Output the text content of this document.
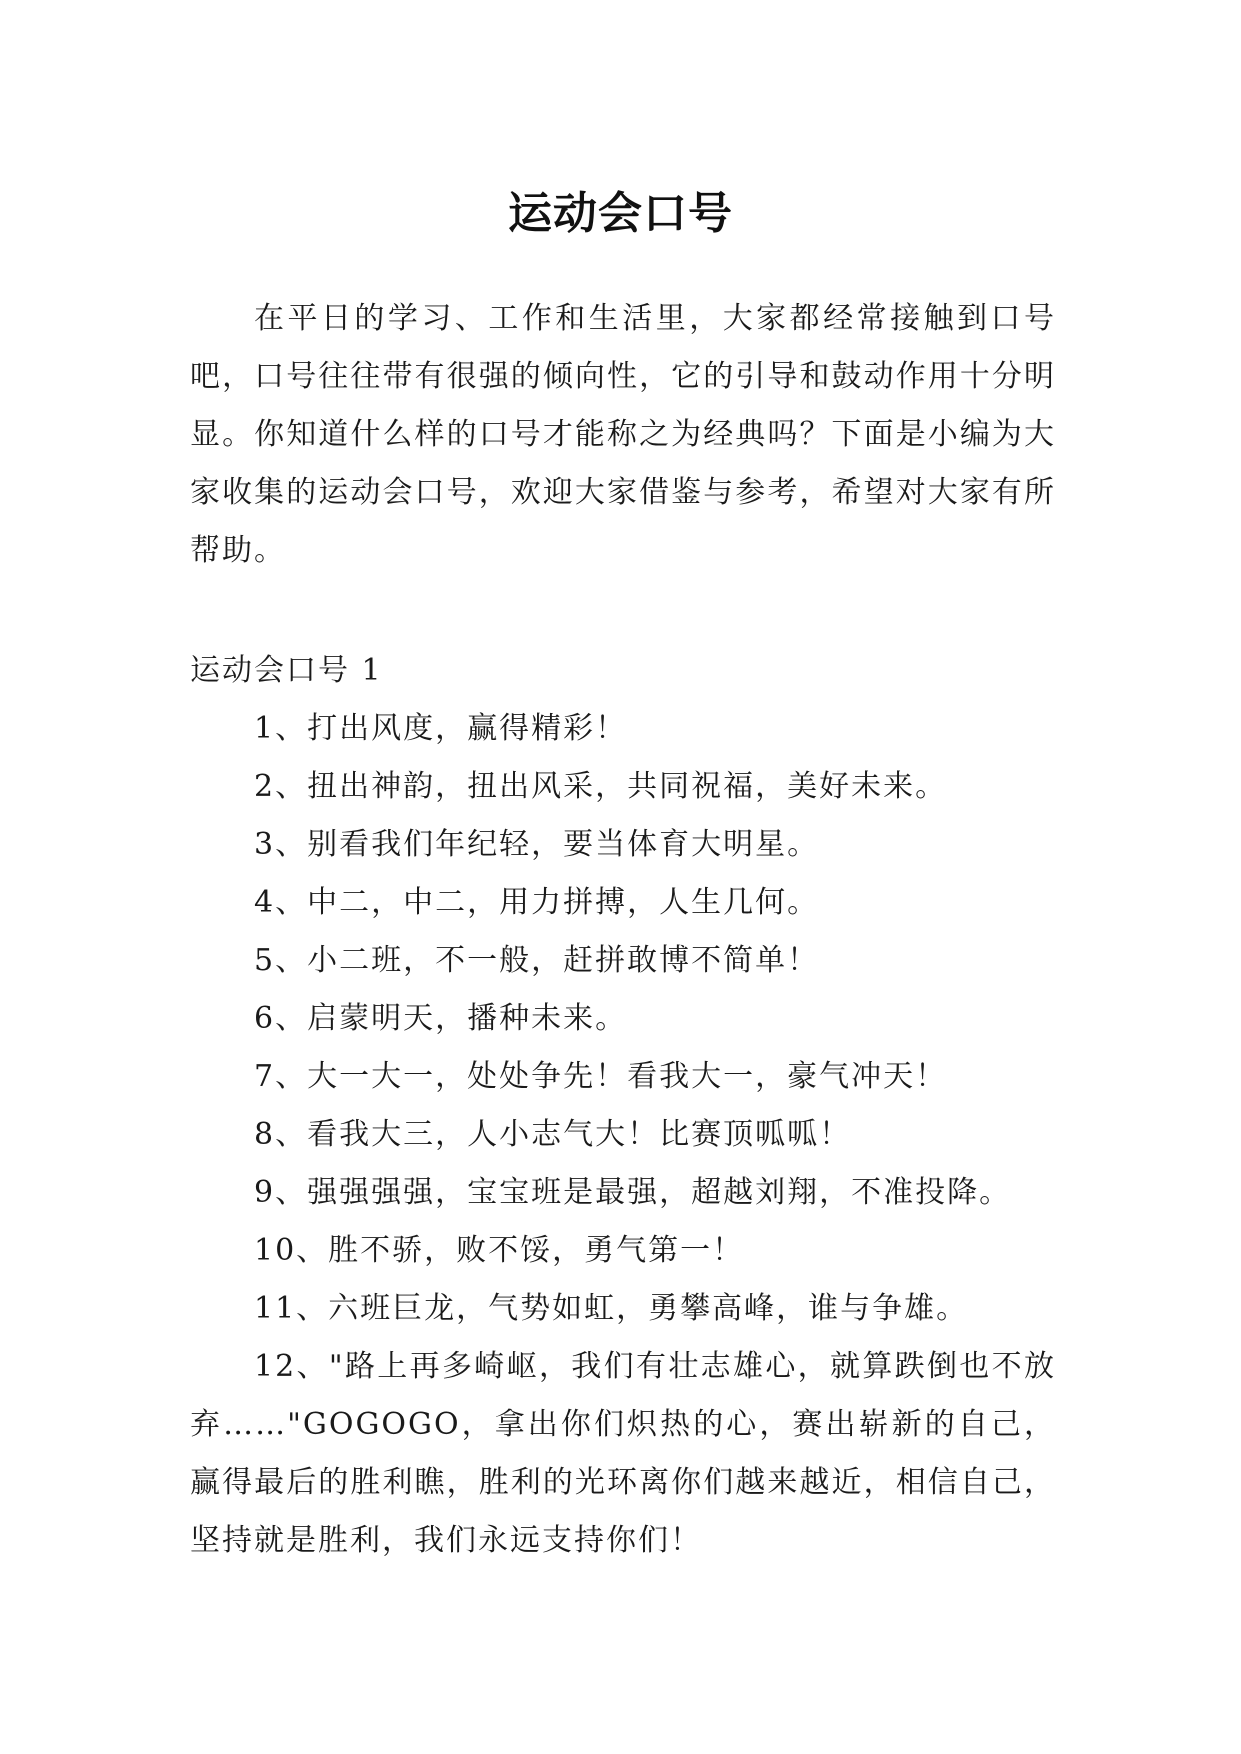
运动会口号

在平日的学习、工作和生活里，大家都经常接触到口号吧，口号往往带有很强的倾向性，它的引导和鼓动作用十分明显。你知道什么样的口号才能称之为经典吗？下面是小编为大家收集的运动会口号，欢迎大家借鉴与参考，希望对大家有所帮助。

运动会口号 1

1、打出风度，赢得精彩！
2、扭出神韵，扭出风采，共同祝福，美好未来。
3、别看我们年纪轻，要当体育大明星。
4、中二，中二，用力拼搏，人生几何。
5、小二班，不一般，赶拼敢博不简单！
6、启蒙明天，播种未来。
7、大一大一，处处争先！看我大一，豪气冲天！
8、看我大三，人小志气大！比赛顶呱呱！
9、强强强强，宝宝班是最强，超越刘翔，不准投降。
10、胜不骄，败不馁，勇气第一！
11、六班巨龙，气势如虹，勇攀高峰，谁与争雄。
12、"路上再多崎岖，我们有壮志雄心，就算跌倒也不放弃……"GOGOGO，拿出你们炽热的心，赛出崭新的自己，赢得最后的胜利瞧，胜利的光环离你们越来越近，相信自己，坚持就是胜利，我们永远支持你们！
